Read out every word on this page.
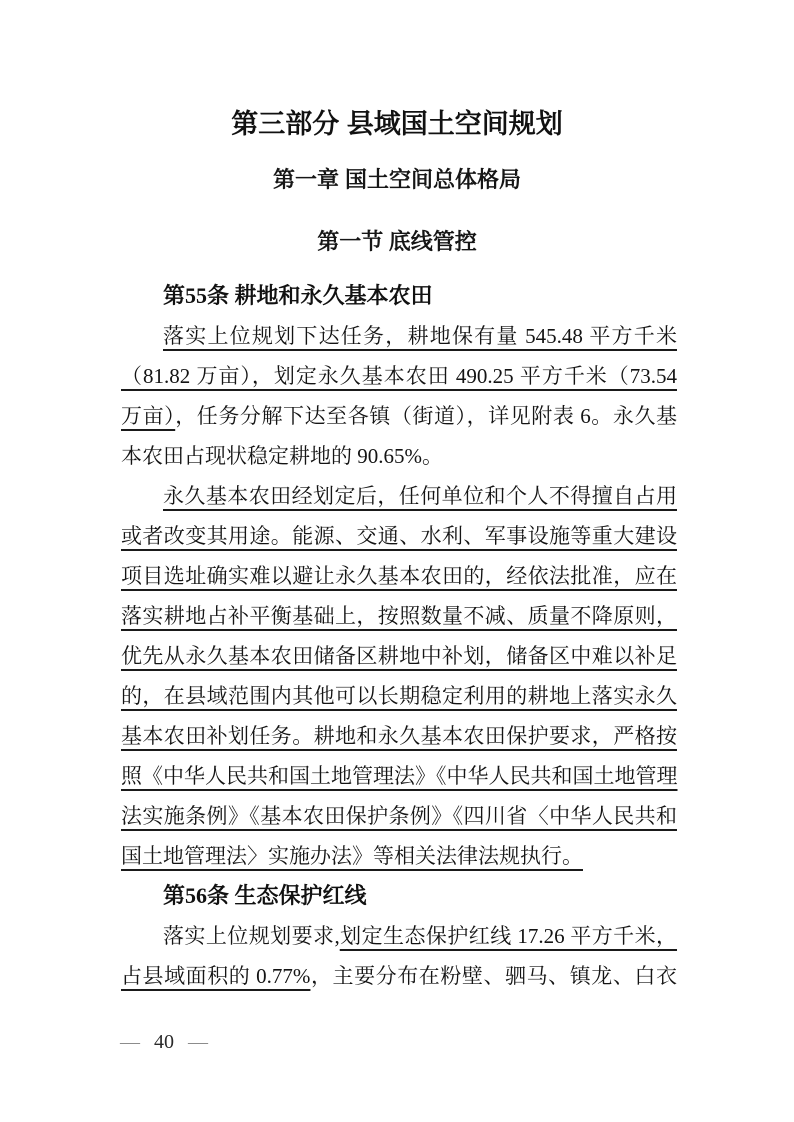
第三部分 县域国土空间规划
第一章 国土空间总体格局
第一节 底线管控
第55条 耕地和永久基本农田
落实上位规划下达任务，耕地保有量 545.48 平方千米
（81.82 万亩），划定永久基本农田 490.25 平方千米（73.54
万亩），任务分解下达至各镇（街道），详见附表 6。永久基
本农田占现状稳定耕地的 90.65%。
永久基本农田经划定后，任何单位和个人不得擅自占用
或者改变其用途。能源、交通、水利、军事设施等重大建设
项目选址确实难以避让永久基本农田的，经依法批准，应在
落实耕地占补平衡基础上，按照数量不减、质量不降原则，
优先从永久基本农田储备区耕地中补划，储备区中难以补足
的，在县域范围内其他可以长期稳定利用的耕地上落实永久
基本农田补划任务。耕地和永久基本农田保护要求，严格按
照《中华人民共和国土地管理法》《中华人民共和国土地管理
法实施条例》《基本农田保护条例》《四川省〈中华人民共和
国土地管理法〉实施办法》等相关法律法规执行。
第56条 生态保护红线
落实上位规划要求,划定生态保护红线 17.26 平方千米，
占县域面积的 0.77%，主要分布在粉壁、驷马、镇龙、白衣
— 40 —
